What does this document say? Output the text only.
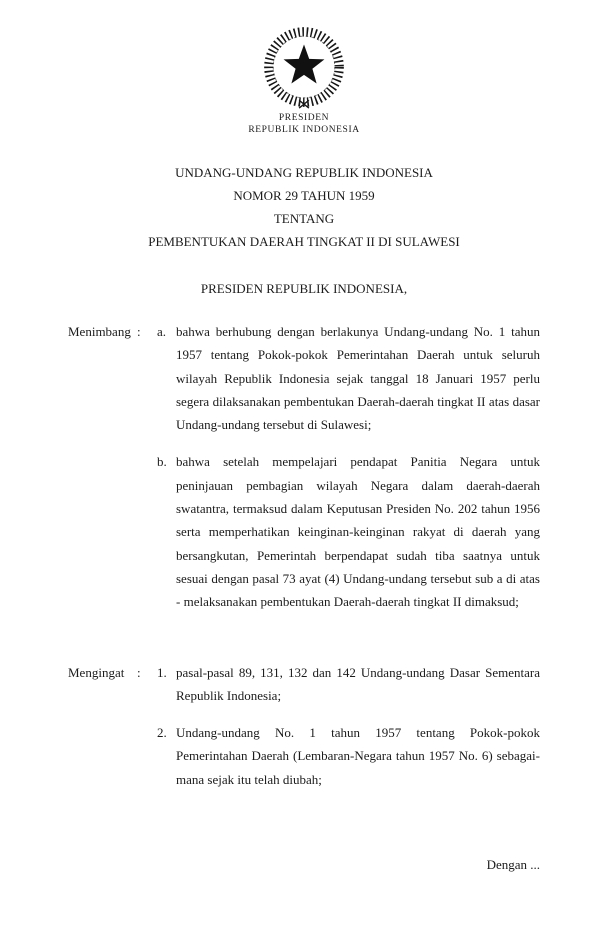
PRESIDEN
REPUBLIK INDONESIA
UNDANG-UNDANG REPUBLIK INDONESIA
NOMOR 29 TAHUN 1959
TENTANG
PEMBENTUKAN DAERAH TINGKAT II DI SULAWESI
PRESIDEN REPUBLIK INDONESIA,
Menimbang :	a. bahwa berhubung dengan berlakunya Undang-undang No. 1 tahun 1957 tentang Pokok-pokok Pemerintahan Daerah untuk seluruh wilayah Republik Indonesia sejak tanggal 18 Januari 1957 perlu segera dilaksanakan pembentukan Daerah-daerah tingkat II atas dasar Undang-undang tersebut di Sulawesi;
b. bahwa setelah mempelajari pendapat Panitia Negara untuk peninjauan pembagian wilayah Negara dalam daerah-daerah swatantra, termaksud dalam Keputusan Presiden No. 202 tahun 1956 serta memperhatikan keinginan-keinginan rakyat di daerah yang bersangkutan, Pemerintah berpendapat sudah tiba saatnya untuk sesuai dengan pasal 73 ayat (4) Undang-undang tersebut sub a di atas - melaksanakan pembentukan Daerah-daerah tingkat II dimaksud;
Mengingat :	1. pasal-pasal 89, 131, 132 dan 142 Undang-undang Dasar Sementara Republik Indonesia;
2. Undang-undang No. 1 tahun 1957 tentang Pokok-pokok Pemerintahan Daerah (Lembaran-Negara tahun 1957 No. 6) sebagai-mana sejak itu telah diubah;
Dengan ...
